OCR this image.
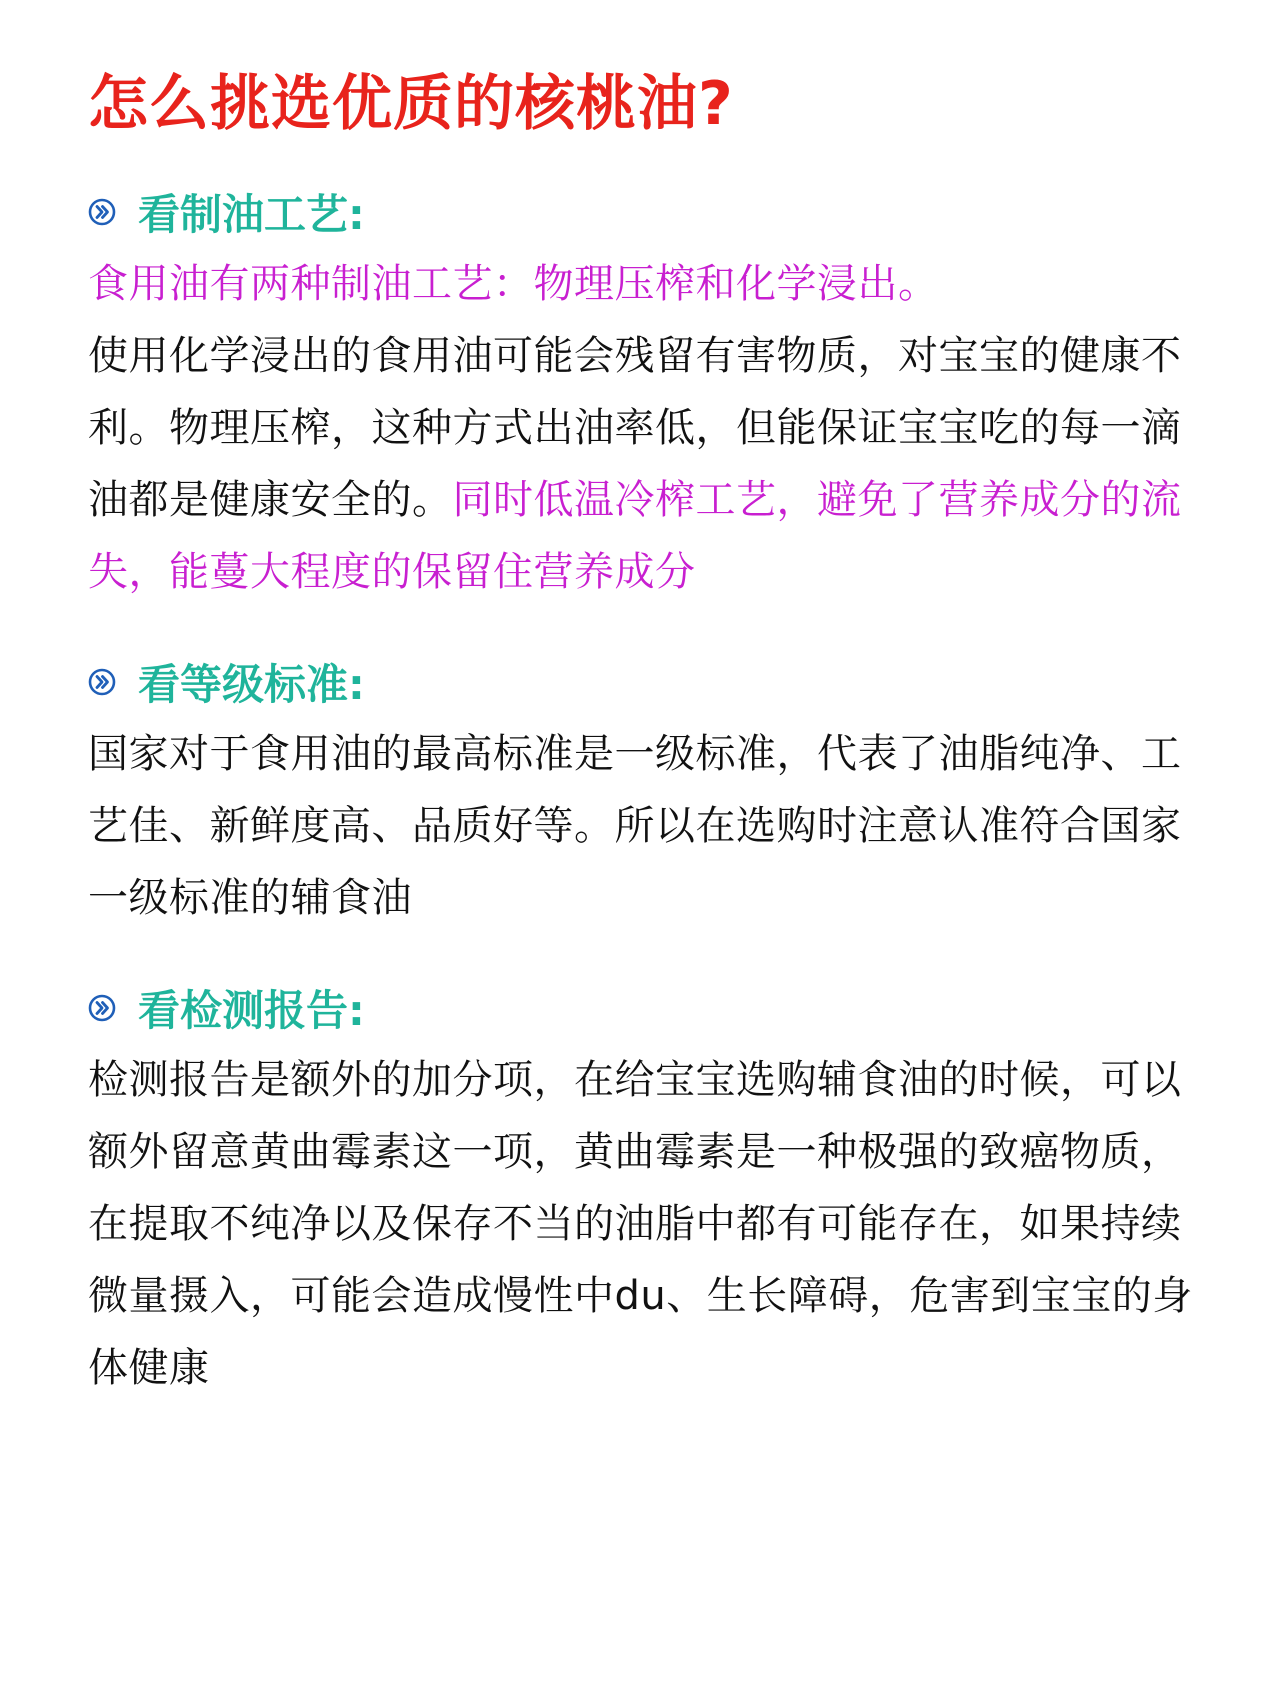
怎么挑选优质的核桃油?
看制油工艺:

食用油有两种制油工艺：物理压榨和化学浸出。

使用化学浸出的食用油可能会残留有害物质，对宝宝的健康不利。物理压榨，这种方式出油率低，但能保证宝宝吃的每一滴油都是健康安全的。同时低温冷榨工艺，避免了营养成分的流失，能蔓大程度的保留住营养成分

看等级标准:

国家对于食用油的最高标准是一级标准，代表了油脂纯净、工艺佳、新鲜度高、品质好等。所以在选购时注意认准符合国家一级标准的辅食油

看检测报告:

检测报告是额外的加分项，在给宝宝选购辅食油的时候，可以额外留意黄曲霉素这一项，黄曲霉素是一种极强的致癌物质，在提取不纯净以及保存不当的油脂中都有可能存在，如果持续微量摄入，可能会造成慢性中du、生长障碍，危害到宝宝的身体健康
